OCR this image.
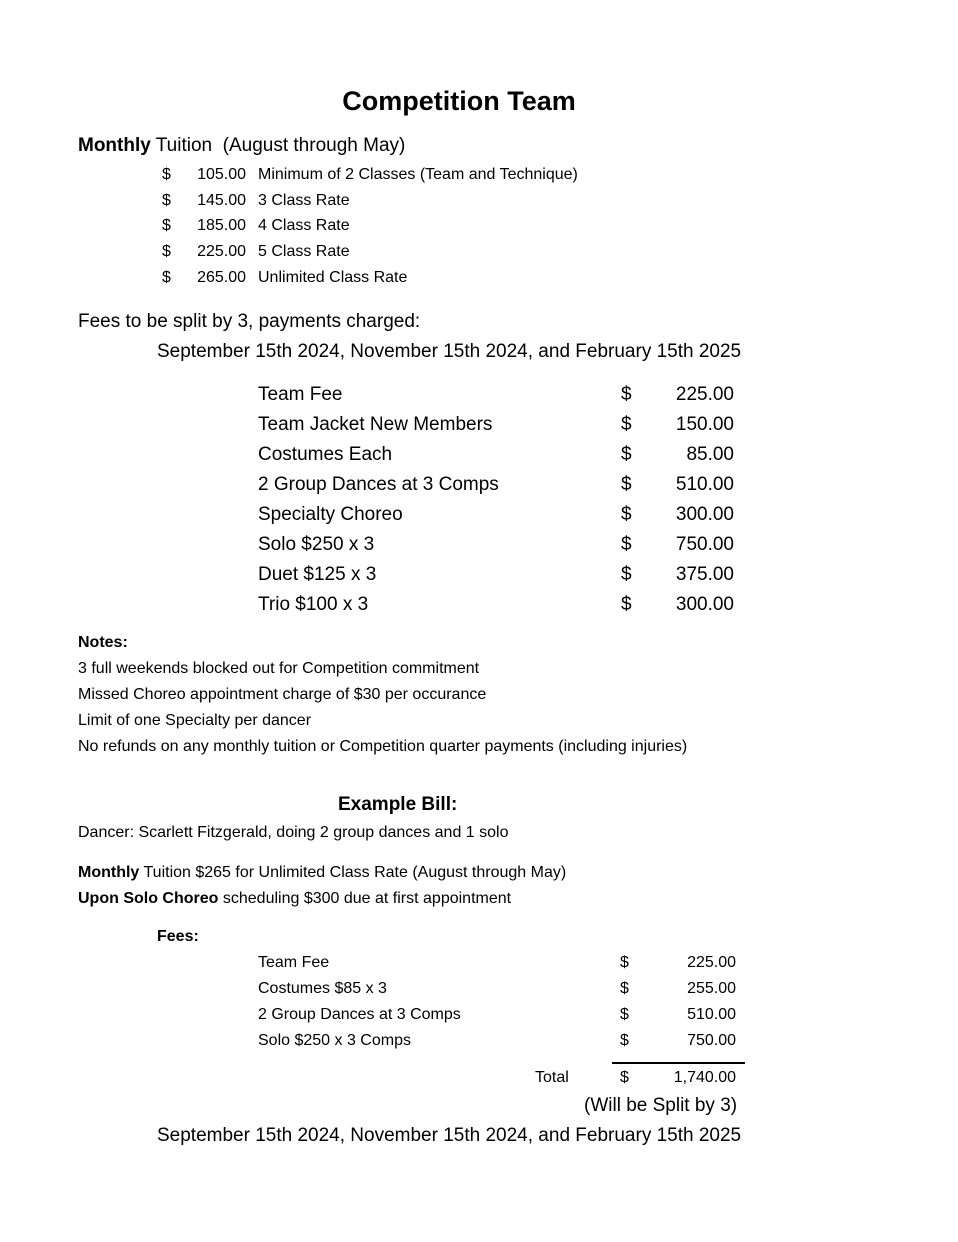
Competition Team
Monthly Tuition  (August through May)
$	105.00 Minimum of 2 Classes (Team and Technique)
$	145.00 3 Class Rate
$	185.00 4 Class Rate
$	225.00 5 Class Rate
$	265.00 Unlimited Class Rate
Fees to be split by 3, payments charged:
September 15th 2024, November 15th 2024, and February 15th 2025
Team Fee	$	225.00
Team Jacket New Members	$	150.00
Costumes Each	$	85.00
2 Group Dances at 3 Comps	$	510.00
Specialty Choreo	$	300.00
Solo $250 x 3	$	750.00
Duet $125 x 3	$	375.00
Trio $100 x 3	$	300.00
Notes:
3 full weekends blocked out for Competition commitment
Missed Choreo appointment charge of $30 per occurance
Limit of one Specialty per dancer
No refunds on any monthly tuition or Competition quarter payments (including injuries)
Example Bill:
Dancer: Scarlett Fitzgerald, doing 2 group dances and 1 solo
Monthly Tuition $265 for Unlimited Class Rate (August through May)
Upon Solo Choreo scheduling $300 due at first appointment
Fees:
Team Fee	$	225.00
Costumes $85 x 3	$	255.00
2 Group Dances at 3 Comps	$	510.00
Solo $250 x 3 Comps	$	750.00
Total	$	1,740.00
(Will be Split by 3)
September 15th 2024, November 15th 2024, and February 15th 2025
